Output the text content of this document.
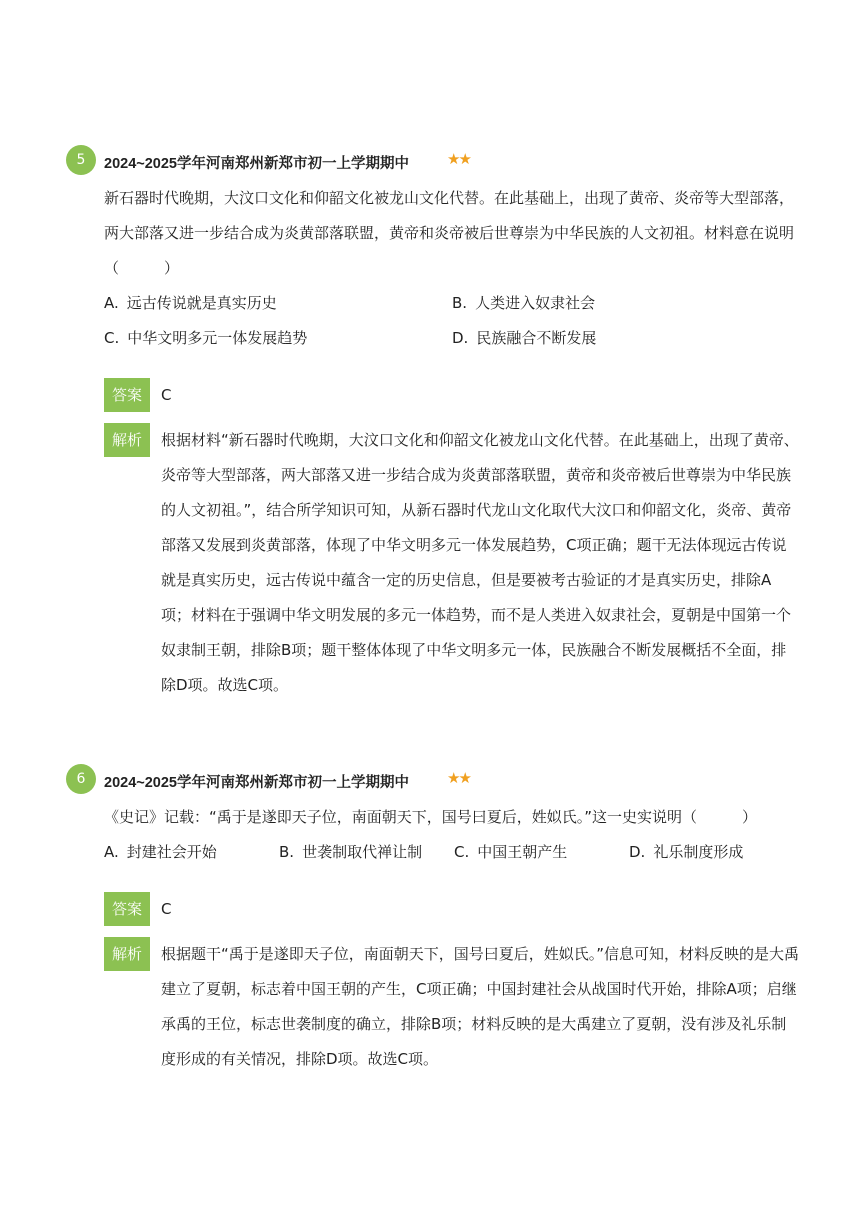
5	2024~2025学年河南郑州新郑市初一上学期期中	★★
新石器时代晚期，大汶口文化和仰韶文化被龙山文化代替。在此基础上，出现了黄帝、炎帝等大型部落，两大部落又进一步结合成为炎黄部落联盟，黄帝和炎帝被后世尊崇为中华民族的人文初祖。材料意在说明（　　　）
A. 远古传说就是真实历史	B. 人类进入奴隶社会
C. 中华文明多元一体发展趋势	D. 民族融合不断发展
答案	C
解析	根据材料“新石器时代晚期，大汶口文化和仰韶文化被龙山文化代替。在此基础上，出现了黄帝、炎帝等大型部落，两大部落又进一步结合成为炎黄部落联盟，黄帝和炎帝被后世尊崇为中华民族的人文初祖。”，结合所学知识可知，从新石器时代龙山文化取代大汶口和仰韶文化，炎帝、黄帝部落又发展到炎黄部落，体现了中华文明多元一体发展趋势，C项正确；题干无法体现远古传说就是真实历史，远古传说中蕴含一定的历史信息，但是要被考古验证的才是真实历史，排除A项；材料在于强调中华文明发展的多元一体趋势，而不是人类进入奴隶社会，夏朝是中国第一个奴隶制王朝，排除B项；题干整体体现了中华文明多元一体，民族融合不断发展概括不全面，排除D项。故选C项。
6	2024~2025学年河南郑州新郑市初一上学期期中	★★
《史记》记载：“禹于是遂即天子位，南面朝天下，国号曰夏后，姓姒氏。”这一史实说明（　　　）
A. 封建社会开始	B. 世袭制取代禅让制 C. 中国王朝产生	D. 礼乐制度形成
答案	C
解析	根据题干“禹于是遂即天子位，南面朝天下，国号曰夏后，姓姒氏。”信息可知，材料反映的是大禹建立了夏朝，标志着中国王朝的产生，C项正确；中国封建社会从战国时代开始，排除A项；启继承禹的王位，标志世袭制度的确立，排除B项；材料反映的是大禹建立了夏朝，没有涉及礼乐制度形成的有关情况，排除D项。故选C项。
